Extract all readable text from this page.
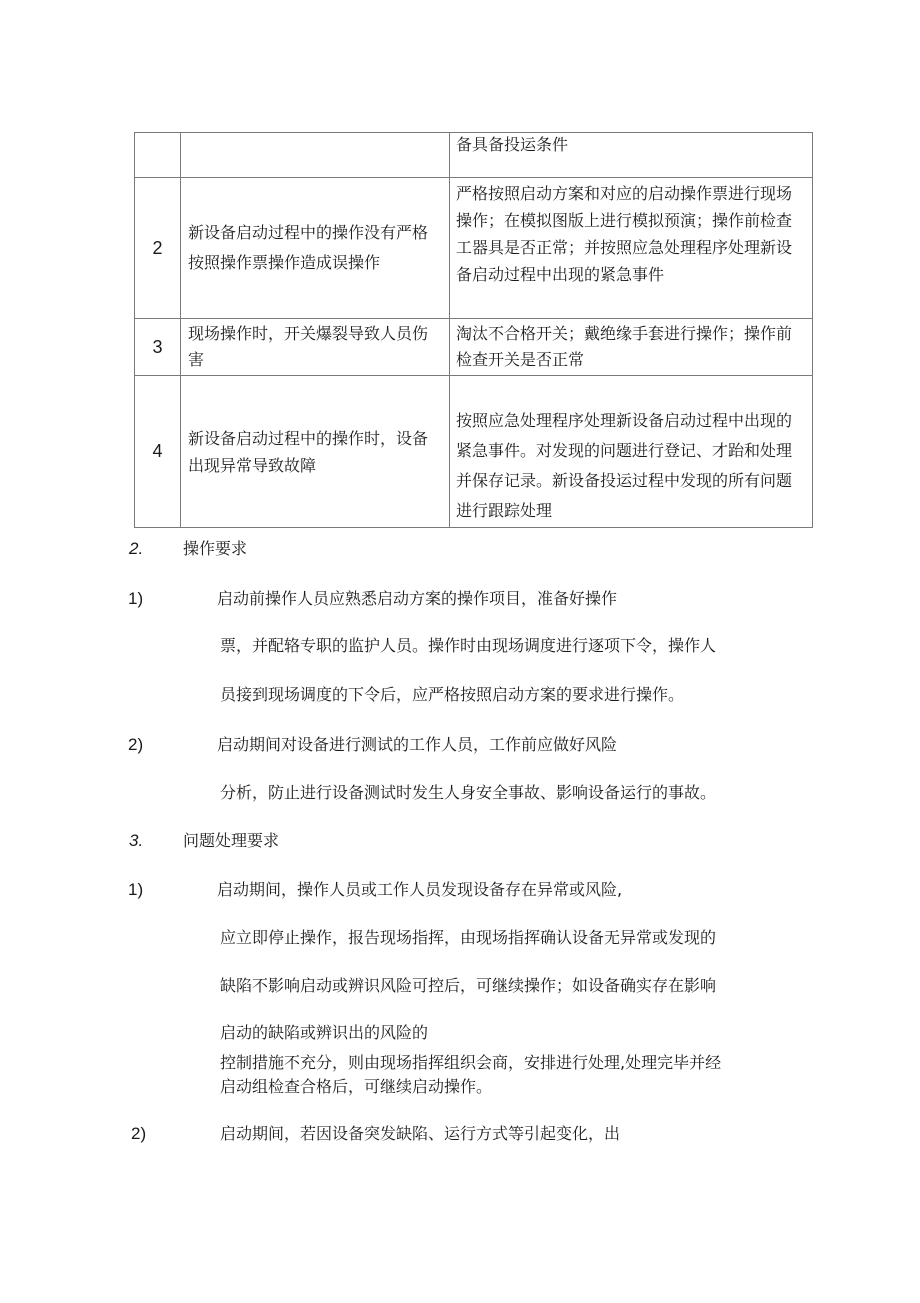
		备具备投运条件
2	新设备启动过程中的操作没有严格按照操作票操作造成误操作	严格按照启动方案和对应的启动操作票进行现场操作；在模拟图版上进行模拟预演；操作前检查工器具是否正常；并按照应急处理程序处理新设备启动过程中出现的紧急事件
3	现场操作时，开关爆裂导致人员伤害	淘汰不合格开关；戴绝缘手套进行操作；操作前检查开关是否正常
4	新设备启动过程中的操作时，设备出现异常导致故障	按照应急处理程序处理新设备启动过程中出现的紧急事件。对发现的问题进行登记、才跆和处理并保存记录。新设备投运过程中发现的所有问题进行跟踪处理
2. 操作要求
1)	启动前操作人员应熟悉启动方案的操作项目，准备好操作
票，并配辂专职的监护人员。操作时由现场调度进行逐项下令，操作人
员接到现场调度的下令后，应严格按照启动方案的要求进行操作。
2)	启动期间对设备进行测试的工作人员，工作前应做好风险
分析，防止进行设备测试时发生人身安全事故、影响设备运行的事故。
3. 问题处理要求
1)	启动期间，操作人员或工作人员发现设备存在异常或风险,
应立即停止操作，报告现场指挥，由现场指挥确认设备无异常或发现的
缺陷不影响启动或辨识风险可控后，可继续操作；如设备确实存在影响
启动的缺陷或辨识出的风险的
控制措施不充分，则由现场指挥组织会商，安排进行处理,处理完毕并经
启动组检查合格后，可继续启动操作。
2)	启动期间，若因设备突发缺陷、运行方式等引起变化，出
